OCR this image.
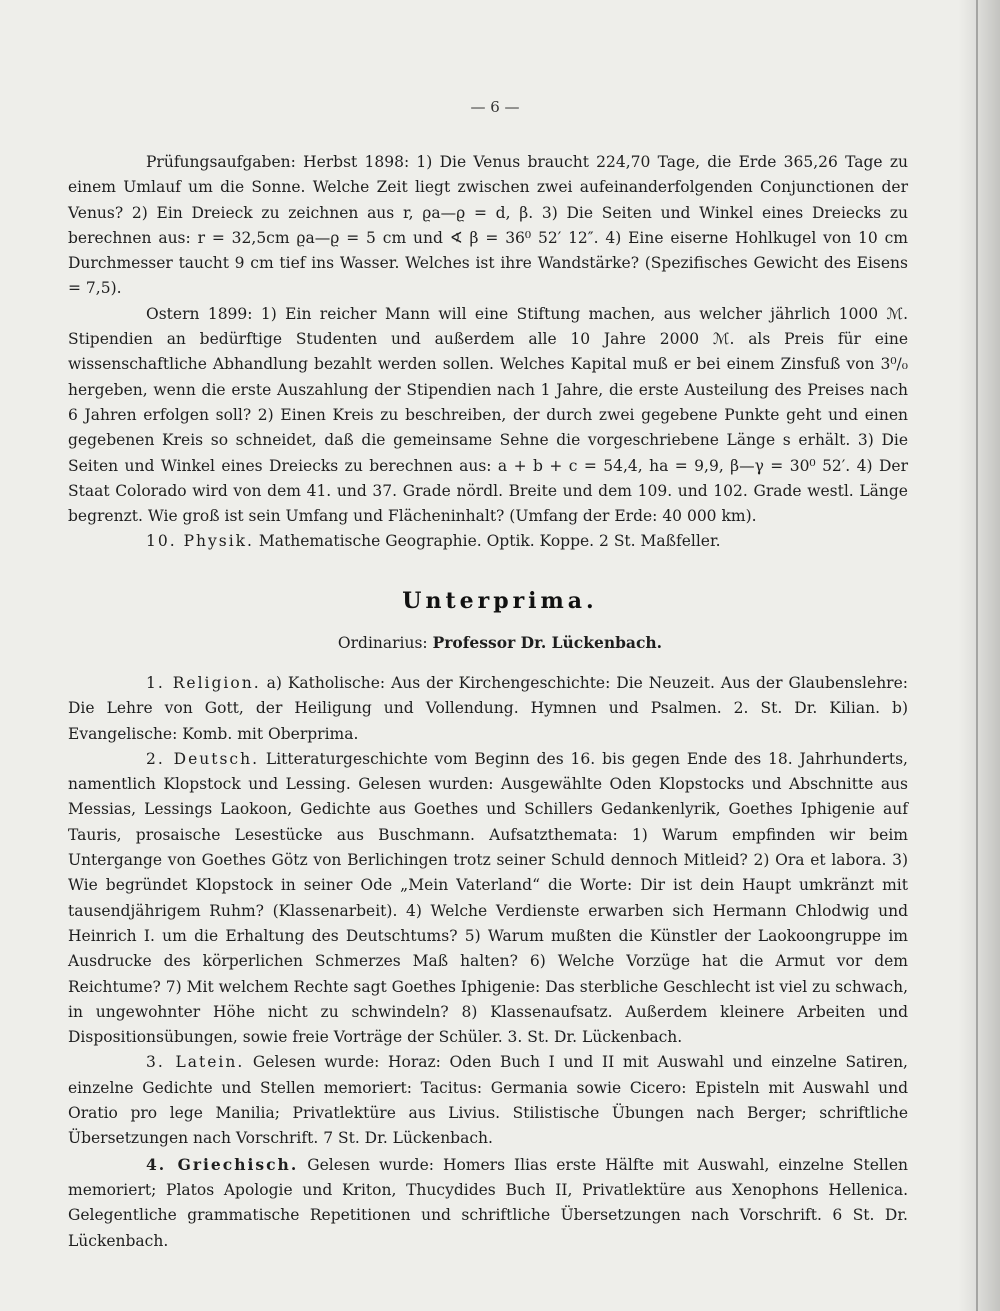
— 6 —

Prüfungsaufgaben: Herbst 1898: 1) Die Venus braucht 224,70 Tage, die Erde 365,26 Tage zu einem Umlauf um die Sonne. Welche Zeit liegt zwischen zwei aufeinanderfolgenden Conjunctionen der Venus? 2) Ein Dreieck zu zeichnen aus r, ϱa—ϱ = d, β. 3) Die Seiten und Winkel eines Dreiecks zu berechnen aus: r = 32,5cm ϱa—ϱ = 5 cm und ∢ β = 36⁰ 52′ 12″. 4) Eine eiserne Hohlkugel von 10 cm Durchmesser taucht 9 cm tief ins Wasser. Welches ist ihre Wandstärke? (Spezifisches Gewicht des Eisens = 7,5).

Ostern 1899: 1) Ein reicher Mann will eine Stiftung machen, aus welcher jährlich 1000 ℳ. Stipendien an bedürftige Studenten und außerdem alle 10 Jahre 2000 ℳ. als Preis für eine wissenschaftliche Abhandlung bezahlt werden sollen. Welches Kapital muß er bei einem Zinsfuß von 3⁰/₀ hergeben, wenn die erste Auszahlung der Stipendien nach 1 Jahre, die erste Austeilung des Preises nach 6 Jahren erfolgen soll? 2) Einen Kreis zu beschreiben, der durch zwei gegebene Punkte geht und einen gegebenen Kreis so schneidet, daß die gemeinsame Sehne die vorgeschriebene Länge s erhält. 3) Die Seiten und Winkel eines Dreiecks zu berechnen aus: a + b + c = 54,4, ha = 9,9, β—γ = 30⁰ 52′. 4) Der Staat Colorado wird von dem 41. und 37. Grade nördl. Breite und dem 109. und 102. Grade westl. Länge begrenzt. Wie groß ist sein Umfang und Flächeninhalt? (Umfang der Erde: 40 000 km).

10. Physik. Mathematische Geographie. Optik. Koppe. 2 St. Maßfeller.

Unterprima.
Ordinarius: Professor Dr. Lückenbach.

1. Religion. a) Katholische: Aus der Kirchengeschichte: Die Neuzeit. Aus der Glaubenslehre: Die Lehre von Gott, der Heiligung und Vollendung. Hymnen und Psalmen. 2. St. Dr. Kilian. b) Evangelische: Komb. mit Oberprima.

2. Deutsch. Litteraturgeschichte vom Beginn des 16. bis gegen Ende des 18. Jahrhunderts, namentlich Klopstock und Lessing. Gelesen wurden: Ausgewählte Oden Klopstocks und Abschnitte aus Messias, Lessings Laokoon, Gedichte aus Goethes und Schillers Gedankenlyrik, Goethes Iphigenie auf Tauris, prosaische Lesestücke aus Buschmann. Aufsatzthemata: 1) Warum empfinden wir beim Untergange von Goethes Götz von Berlichingen trotz seiner Schuld dennoch Mitleid? 2) Ora et labora. 3) Wie begründet Klopstock in seiner Ode „Mein Vaterland“ die Worte: Dir ist dein Haupt umkränzt mit tausendjährigem Ruhm? (Klassenarbeit). 4) Welche Verdienste erwarben sich Hermann Chlodwig und Heinrich I. um die Erhaltung des Deutschtums? 5) Warum mußten die Künstler der Laokoongruppe im Ausdrucke des körperlichen Schmerzes Maß halten? 6) Welche Vorzüge hat die Armut vor dem Reichtume? 7) Mit welchem Rechte sagt Goethes Iphigenie: Das sterbliche Geschlecht ist viel zu schwach, in ungewohnter Höhe nicht zu schwindeln? 8) Klassenaufsatz. Außerdem kleinere Arbeiten und Dispositionsübungen, sowie freie Vorträge der Schüler. 3. St. Dr. Lückenbach.

3. Latein. Gelesen wurde: Horaz: Oden Buch I und II mit Auswahl und einzelne Satiren, einzelne Gedichte und Stellen memoriert: Tacitus: Germania sowie Cicero: Episteln mit Auswahl und Oratio pro lege Manilia; Privatlektüre aus Livius. Stilistische Übungen nach Berger; schriftliche Übersetzungen nach Vorschrift. 7 St. Dr. Lückenbach.

4. Griechisch. Gelesen wurde: Homers Ilias erste Hälfte mit Auswahl, einzelne Stellen memoriert; Platos Apologie und Kriton, Thucydides Buch II, Privatlektüre aus Xenophons Hellenica. Gelegentliche grammatische Repetitionen und schriftliche Übersetzungen nach Vorschrift. 6 St. Dr. Lückenbach.
